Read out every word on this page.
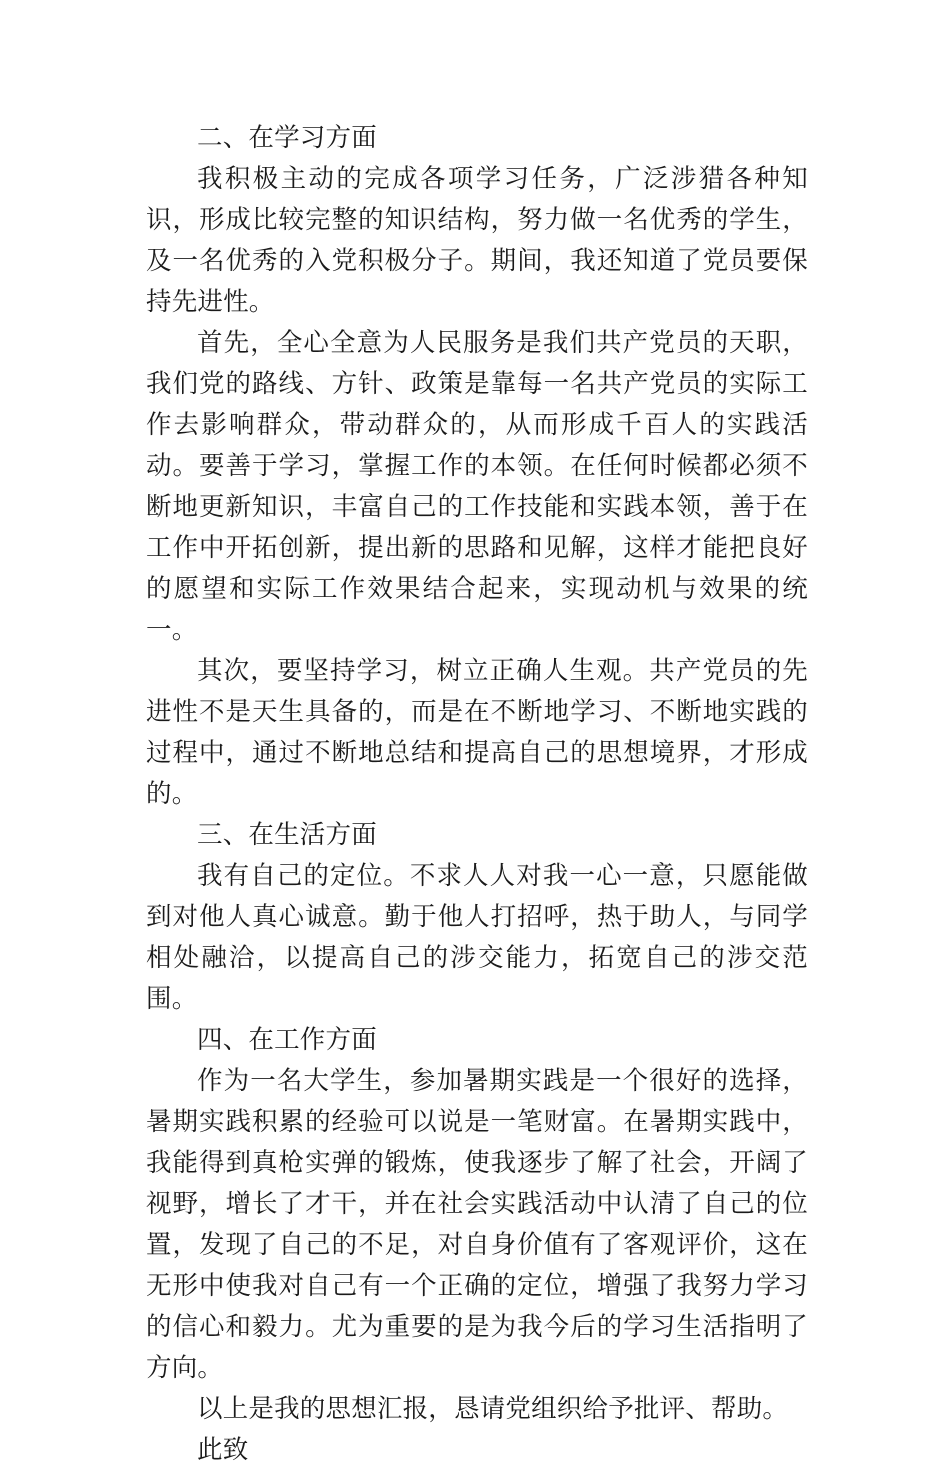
二、在学习方面

我积极主动的完成各项学习任务，广泛涉猎各种知识，形成比较完整的知识结构，努力做一名优秀的学生，及一名优秀的入党积极分子。期间，我还知道了党员要保持先进性。

首先，全心全意为人民服务是我们共产党员的天职，我们党的路线、方针、政策是靠每一名共产党员的实际工作去影响群众，带动群众的，从而形成千百人的实践活动。要善于学习，掌握工作的本领。在任何时候都必须不断地更新知识，丰富自己的工作技能和实践本领，善于在工作中开拓创新，提出新的思路和见解，这样才能把良好的愿望和实际工作效果结合起来，实现动机与效果的统一。

其次，要坚持学习，树立正确人生观。共产党员的先进性不是天生具备的，而是在不断地学习、不断地实践的过程中，通过不断地总结和提高自己的思想境界，才形成的。

三、在生活方面

我有自己的定位。不求人人对我一心一意，只愿能做到对他人真心诚意。勤于他人打招呼，热于助人，与同学相处融洽，以提高自己的涉交能力，拓宽自己的涉交范围。

四、在工作方面

作为一名大学生，参加暑期实践是一个很好的选择，暑期实践积累的经验可以说是一笔财富。在暑期实践中，我能得到真枪实弹的锻炼，使我逐步了解了社会，开阔了视野，增长了才干，并在社会实践活动中认清了自己的位置，发现了自己的不足，对自身价值有了客观评价，这在无形中使我对自己有一个正确的定位，增强了我努力学习的信心和毅力。尤为重要的是为我今后的学习生活指明了方向。

以上是我的思想汇报，恳请党组织给予批评、帮助。

此致
